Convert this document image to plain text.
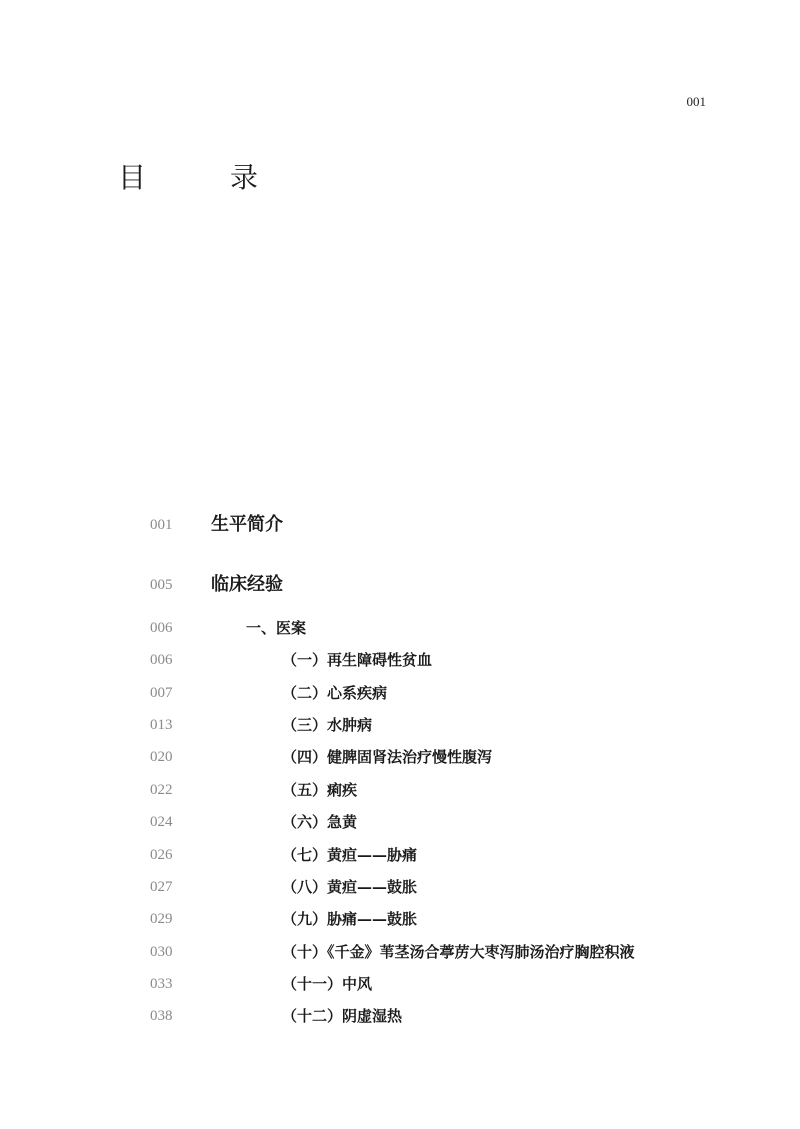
001
目　录
001 生平简介
005 临床经验
006	一、医案
006	（一）再生障碍性贫血
007	（二）心系疾病
013	（三）水肿病
020	（四）健脾固肾法治疗慢性腹泻
022	（五）痢疾
024	（六）急黄
026	（七）黄疸——胁痛
027	（八）黄疸——鼓胀
029	（九）胁痛——鼓胀
030	（十）《千金》苇茎汤合葶苈大枣泻肺汤治疗胸腔积液
033	（十一）中风
038	（十二）阴虚湿热
